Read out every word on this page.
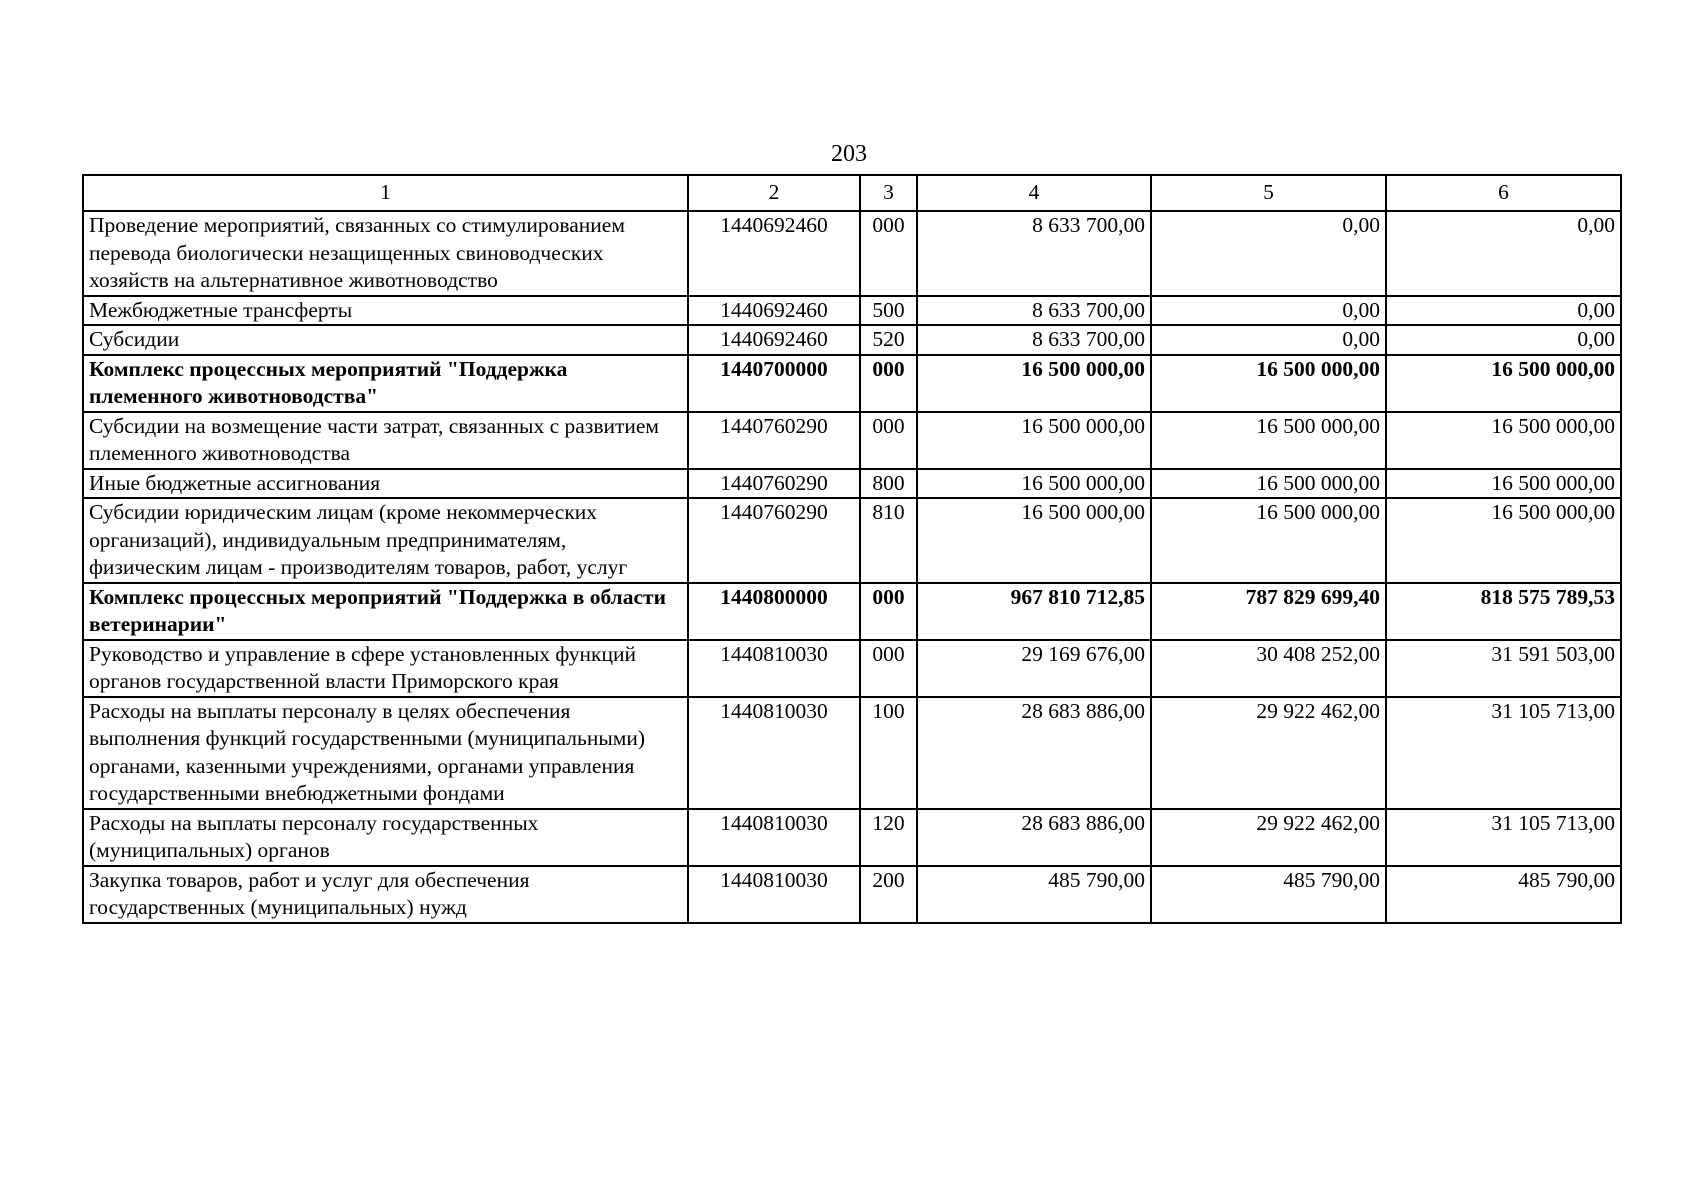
203
1	2	3	4	5	6
Проведение мероприятий, связанных со стимулированием перевода биологически незащищенных свиноводческих хозяйств на альтернативное животноводство	1440692460	000	8 633 700,00	0,00	0,00
Межбюджетные трансферты	1440692460	500	8 633 700,00	0,00	0,00
Субсидии	1440692460	520	8 633 700,00	0,00	0,00
Комплекс процессных мероприятий "Поддержка племенного животноводства"	1440700000	000	16 500 000,00	16 500 000,00	16 500 000,00
Субсидии на возмещение части затрат, связанных с развитием племенного животноводства	1440760290	000	16 500 000,00	16 500 000,00	16 500 000,00
Иные бюджетные ассигнования	1440760290	800	16 500 000,00	16 500 000,00	16 500 000,00
Субсидии юридическим лицам (кроме некоммерческих организаций), индивидуальным предпринимателям, физическим лицам - производителям товаров, работ, услуг	1440760290	810	16 500 000,00	16 500 000,00	16 500 000,00
Комплекс процессных мероприятий "Поддержка в области ветеринарии"	1440800000	000	967 810 712,85	787 829 699,40	818 575 789,53
Руководство и управление в сфере установленных функций органов государственной власти Приморского края	1440810030	000	29 169 676,00	30 408 252,00	31 591 503,00
Расходы на выплаты персоналу в целях обеспечения выполнения функций государственными (муниципальными) органами, казенными учреждениями, органами управления государственными внебюджетными фондами	1440810030	100	28 683 886,00	29 922 462,00	31 105 713,00
Расходы на выплаты персоналу государственных (муниципальных) органов	1440810030	120	28 683 886,00	29 922 462,00	31 105 713,00
Закупка товаров, работ и услуг для обеспечения государственных (муниципальных) нужд	1440810030	200	485 790,00	485 790,00	485 790,00
